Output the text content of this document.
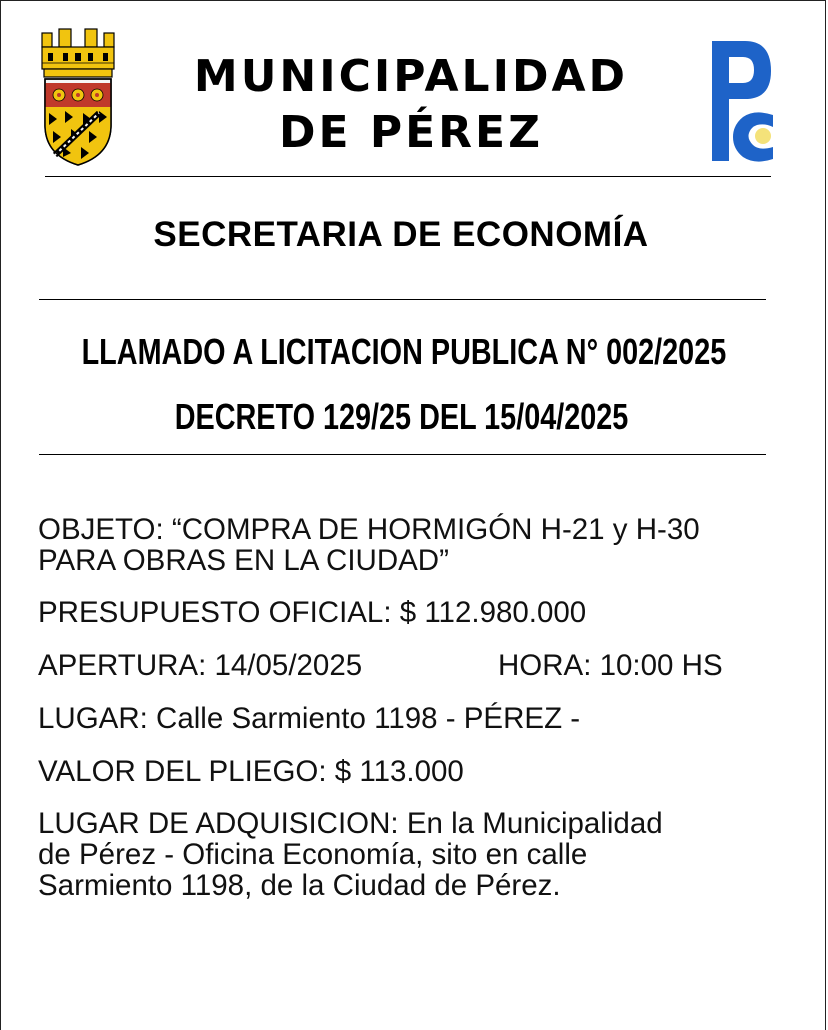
MUNICIPALIDAD
DE PÉREZ
SECRETARIA DE ECONOMÍA
LLAMADO A LICITACION PUBLICA N° 002/2025
DECRETO 129/25 DEL 15/04/2025
OBJETO: “COMPRA DE HORMIGÓN H-21 y H-30
PARA OBRAS EN LA CIUDAD”
PRESUPUESTO OFICIAL: $ 112.980.000
APERTURA: 14/05/2025	HORA: 10:00 HS
LUGAR: Calle Sarmiento 1198 - PÉREZ -
VALOR DEL PLIEGO: $ 113.000
LUGAR DE ADQUISICION: En la Municipalidad
de Pérez - Oficina Economía, sito en calle
Sarmiento 1198, de la Ciudad de Pérez.
